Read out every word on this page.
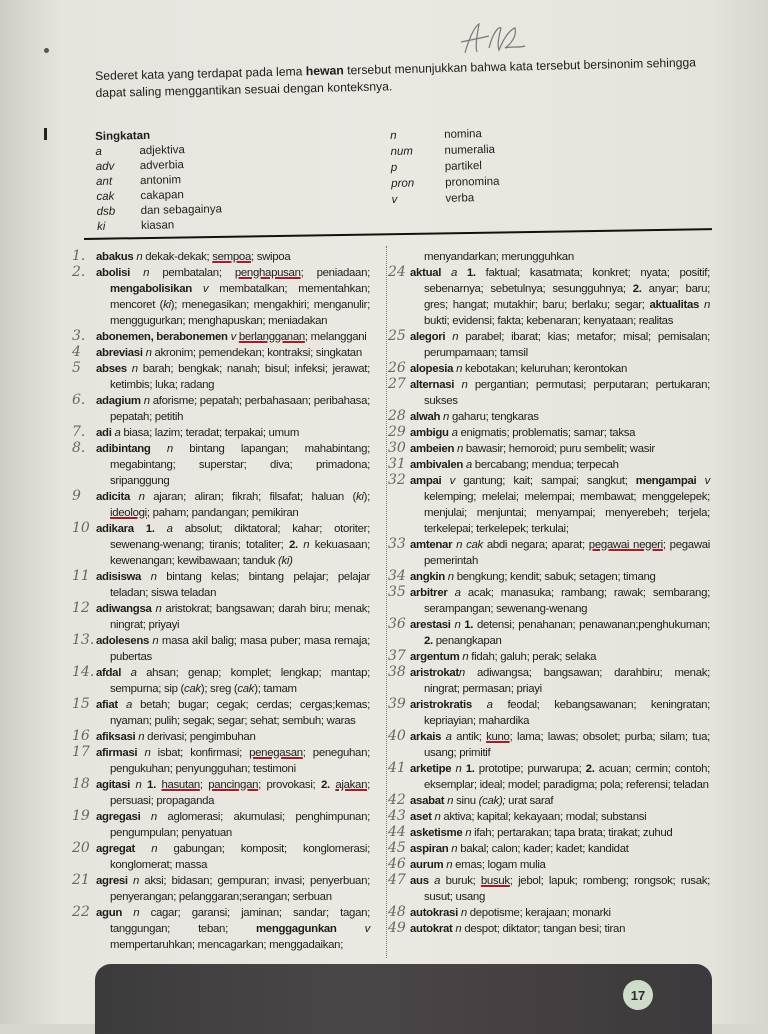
Sederet kata yang terdapat pada lema hewan tersebut menunjukkan bahwa kata tersebut bersinonim sehingga dapat saling menggantikan sesuai dengan konteksnya.
Singkatan
a	adjektiva
adv	adverbia
ant	antonim
cak	cakapan
dsb	dan sebagainya
ki	kiasan
n	nomina
num	numeralia
p	partikel
pron	pronomina
v	verba
1. abakus n dekak-dekak; sempoa; swipoa
2. abolisi n pembatalan; penghapusan; peniadaan; mengabolisikan v membatalkan; mementahkan; mencoret (ki); menegasikan; mengakhiri; menganulir; menggugurkan; menghapuskan; meniadakan
3. abonemen, berabonemen v berlangganan; melanggani
4 abreviasi n akronim; pemendekan; kontraksi; singkatan
5 abses n barah; bengkak; nanah; bisul; infeksi; jerawat; ketimbis; luka; radang
6. adagium n aforisme; pepatah; perbahasaan; peribahasa; pepatah; petitih
7. adi a biasa; lazim; teradat; terpakai; umum
8. adibintang n bintang lapangan; mahabintang; megabintang; superstar; diva; primadona; sripanggung
9 adicita n ajaran; aliran; fikrah; filsafat; haluan (ki); ideologi; paham; pandangan; pemikiran
10 adikara 1. a absolut; diktatoral; kahar; otoriter; sewenang-wenang; tiranis; totaliter; 2. n kekuasaan; kewenangan; kewibawaan; tanduk (ki)
11 adisiswa n bintang kelas; bintang pelajar; pelajar teladan; siswa teladan
12 adiwangsa n aristokrat; bangsawan; darah biru; menak; ningrat; priyayi
13. adolesens n masa akil balig; masa puber; masa remaja; pubertas
14. afdal a ahsan; genap; komplet; lengkap; mantap; sempurna; sip (cak); sreg (cak); tamam
15 afiat a betah; bugar; cegak; cerdas; cergas;kemas; nyaman; pulih; segak; segar; sehat; sembuh; waras
16 afiksasi n derivasi; pengimbuhan
17 afirmasi n isbat; konfirmasi; penegasan; peneguhan; pengukuhan; penyungguhan; testimoni
18 agitasi n 1. hasutan; pancingan; provokasi; 2. ajakan; persuasi; propaganda
19 agregasi n aglomerasi; akumulasi; penghimpunan; pengumpulan; penyatuan
20 agregat n gabungan; komposit; konglomerasi; konglomerat; massa
21 agresi n aksi; bidasan; gempuran; invasi; penyerbuan; penyerangan; pelanggaran;serangan; serbuan
22 agun n cagar; garansi; jaminan; sandar; tagan; tanggungan; teban; menggagunkan v mempertaruhkan; mencagarkan; menggadaikan;
menyandarkan; merungguhkan
24 aktual a 1. faktual; kasatmata; konkret; nyata; positif; sebenarnya; sebetulnya; sesungguhnya; 2. anyar; baru; gres; hangat; mutakhir; baru; berlaku; segar; aktualitas n bukti; evidensi; fakta; kebenaran; kenyataan; realitas
25 alegori n parabel; ibarat; kias; metafor; misal; pemisalan; perumpamaan; tamsil
26 alopesia n kebotakan; keluruhan; kerontokan
27 alternasi n pergantian; permutasi; perputaran; pertukaran; sukses
28 alwah n gaharu; tengkaras
29 ambigu a enigmatis; problematis; samar; taksa
30 ambeien n bawasir; hemoroid; puru sembelit; wasir
31 ambivalen a bercabang; mendua; terpecah
32 ampai v gantung; kait; sampai; sangkut; mengampai v kelemping; melelai; melempai; membawat; menggelepek; menjulai; menjuntai; menyampai; menyerebeh; terjela; terkelepai; terkelepek; terkulai;
33 amtenar n cak abdi negara; aparat; pegawai negeri; pegawai pemerintah
34 angkin n bengkung; kendit; sabuk; setagen; timang
35 arbitrer a acak; manasuka; rambang; rawak; sembarang; serampangan; sewenang-wenang
36 arestasi n 1. detensi; penahanan; penawanan;penghukuman; 2. penangkapan
37 argentum n fidah; galuh; perak; selaka
38 aristrokatn adiwangsa; bangsawan; darahbiru; menak; ningrat; permasan; priayi
39 aristrokratis a feodal; kebangsawanan; keningratan; kepriayian; mahardika
40 arkais a antik; kuno; lama; lawas; obsolet; purba; silam; tua; usang; primitif
41 arketipe n 1. prototipe; purwarupa; 2. acuan; cermin; contoh; eksemplar; ideal; model; paradigma; pola; referensi; teladan
42 asabat n sinu (cak); urat saraf
43 aset n aktiva; kapital; kekayaan; modal; substansi
44 asketisme n ifah; pertarakan; tapa brata; tirakat; zuhud
45 aspiran n bakal; calon; kader; kadet; kandidat
46 aurum n emas; logam mulia
47 aus a buruk; busuk; jebol; lapuk; rombeng; rongsok; rusak; susut; usang
48 autokrasi n depotisme; kerajaan; monarki
49 autokrat n despot; diktator; tangan besi; tiran
17
